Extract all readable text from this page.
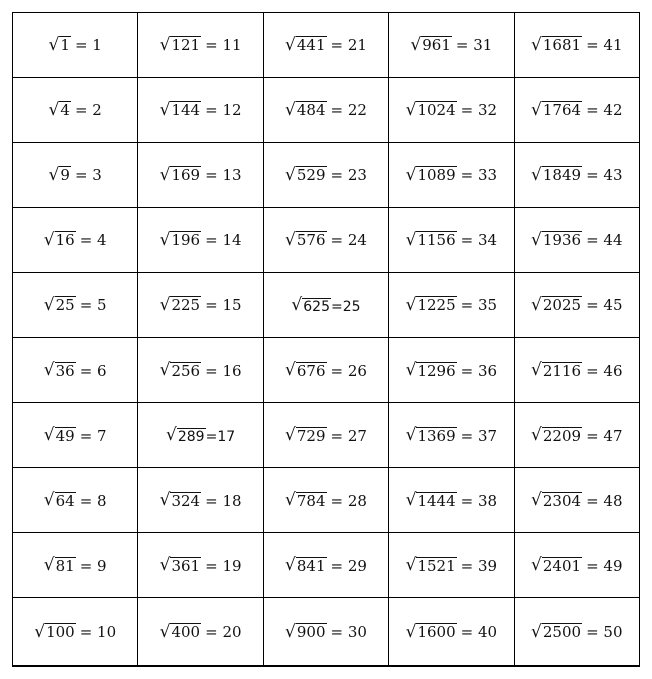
√ 1 = 1	√ 121 = 11	√ 441 = 21	√ 961 = 31	√ 1681 = 41

√ 4 = 2	√ 144 = 12	√ 484 = 22	√ 1024 = 32	√ 1764 = 42

√ 9 = 3	√ 169 = 13	√ 529 = 23	√ 1089 = 33	√ 1849 = 43

√ 16 = 4	√ 196 = 14	√ 576 = 24	√ 1156 = 34	√ 1936 = 44

√ 25 = 5	√ 225 = 15	√ 625 =25	√ 1225 = 35	√ 2025 = 45

√ 36 = 6	√ 256 = 16	√ 676 = 26	√ 1296 = 36	√ 2116 = 46

√ 49 = 7	√ 289 =17	√ 729 = 27	√ 1369 = 37	√ 2209 = 47

√ 64 = 8	√ 324 = 18	√ 784 = 28	√ 1444 = 38	√ 2304 = 48

√ 81 = 9	√ 361 = 19	√ 841 = 29	√ 1521 = 39	√ 2401 = 49

√ 100 = 10	√ 400 = 20	√ 900 = 30	√ 1600 = 40	√ 2500 = 50
